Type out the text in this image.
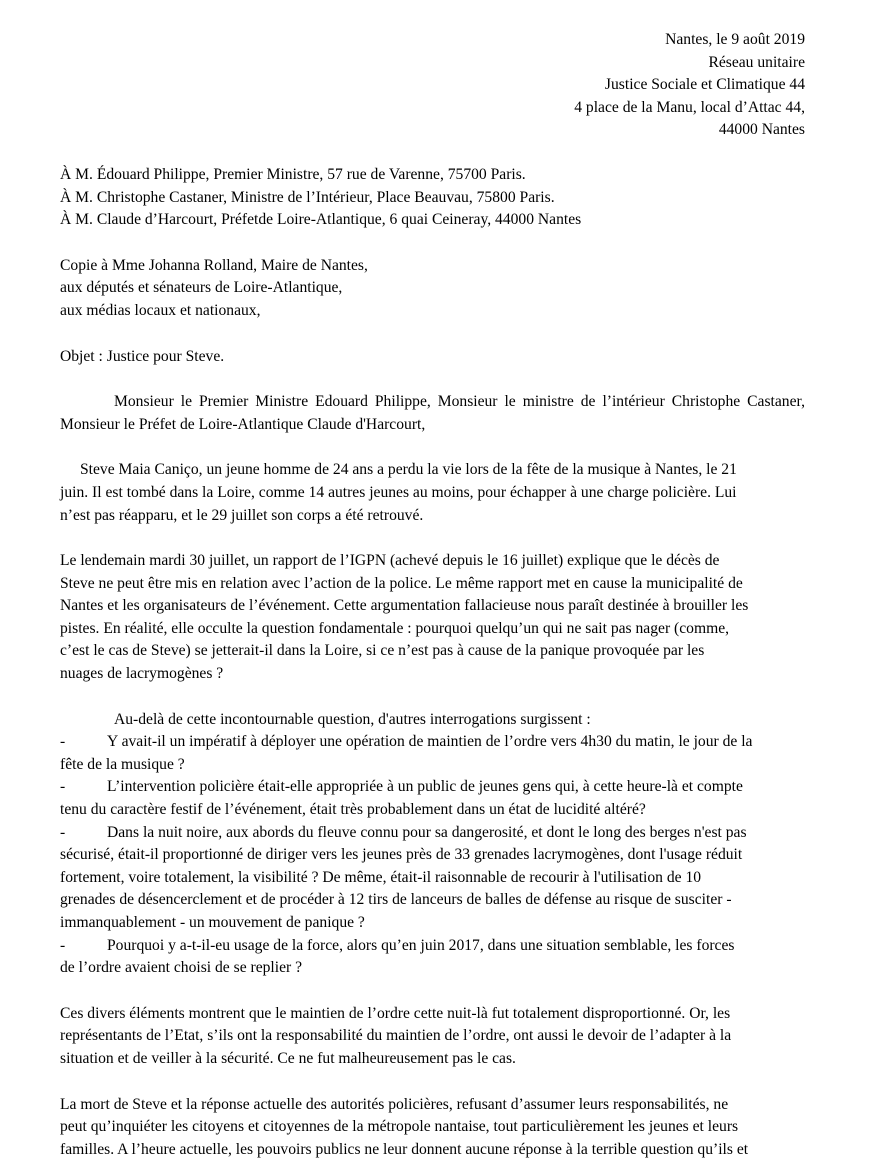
Nantes, le 9 août 2019
Réseau unitaire
Justice Sociale et Climatique 44
4 place de la Manu, local d’Attac 44,
44000 Nantes
À M. Édouard Philippe, Premier Ministre, 57 rue de Varenne, 75700 Paris.
À M. Christophe Castaner, Ministre de l’Intérieur, Place Beauvau, 75800 Paris.
À M. Claude d’Harcourt, Préfetde Loire-Atlantique, 6 quai Ceineray, 44000 Nantes
Copie à Mme Johanna Rolland, Maire de Nantes,
aux députés et sénateurs de Loire-Atlantique,
aux médias locaux et nationaux,
Objet : Justice pour Steve.
Monsieur le Premier Ministre Edouard Philippe, Monsieur le ministre de l’intérieur Christophe Castaner, Monsieur le Préfet de Loire-Atlantique Claude d'Harcourt,
Steve Maia Caniço, un jeune homme de 24 ans a perdu la vie lors de la fête de la musique à Nantes, le 21
juin. Il est tombé dans la Loire, comme 14 autres jeunes au moins, pour échapper à une charge policière. Lui
n’est pas réapparu, et le 29 juillet son corps a été retrouvé.
Le lendemain mardi 30 juillet, un rapport de l’IGPN (achevé depuis le 16 juillet) explique que le décès de
Steve ne peut être mis en relation avec l’action de la police. Le même rapport met en cause la municipalité de
Nantes et les organisateurs de l’événement. Cette argumentation fallacieuse nous paraît destinée à brouiller les
pistes. En réalité, elle occulte la question fondamentale : pourquoi quelqu’un qui ne sait pas nager (comme,
c’est le cas de Steve) se jetterait-il dans la Loire, si ce n’est pas à cause de la panique provoquée par les
nuages de lacrymogènes ?
Au-delà de cette incontournable question, d'autres interrogations surgissent :
-	Y avait-il un impératif à déployer une opération de maintien de l’ordre vers 4h30 du matin, le jour de la
fête de la musique ?
-	L’intervention policière était-elle appropriée à un public de jeunes gens qui, à cette heure-là et compte
tenu du caractère festif de l’événement, était très probablement dans un état de lucidité altéré?
-	Dans la nuit noire, aux abords du fleuve connu pour sa dangerosité, et dont le long des berges n'est pas
sécurisé, était-il proportionné de diriger vers les jeunes près de 33 grenades lacrymogènes, dont l'usage réduit
fortement, voire totalement, la visibilité ? De même, était-il raisonnable de recourir à l'utilisation de 10
grenades de désencerclement et de procéder à 12 tirs de lanceurs de balles de défense au risque de susciter -
immanquablement - un mouvement de panique ?
-	Pourquoi y a-t-il-eu usage de la force, alors qu’en juin 2017, dans une situation semblable, les forces
de l’ordre avaient choisi de se replier ?
Ces divers éléments montrent que le maintien de l’ordre cette nuit-là fut totalement disproportionné. Or, les
représentants de l’Etat, s’ils ont la responsabilité du maintien de l’ordre, ont aussi le devoir de l’adapter à la
situation et de veiller à la sécurité. Ce ne fut malheureusement pas le cas.
La mort de Steve et la réponse actuelle des autorités policières, refusant d’assumer leurs responsabilités, ne
peut qu’inquiéter les citoyens et citoyennes de la métropole nantaise, tout particulièrement les jeunes et leurs
familles. A l’heure actuelle, les pouvoirs publics ne leur donnent aucune réponse à la terrible question qu’ils et
